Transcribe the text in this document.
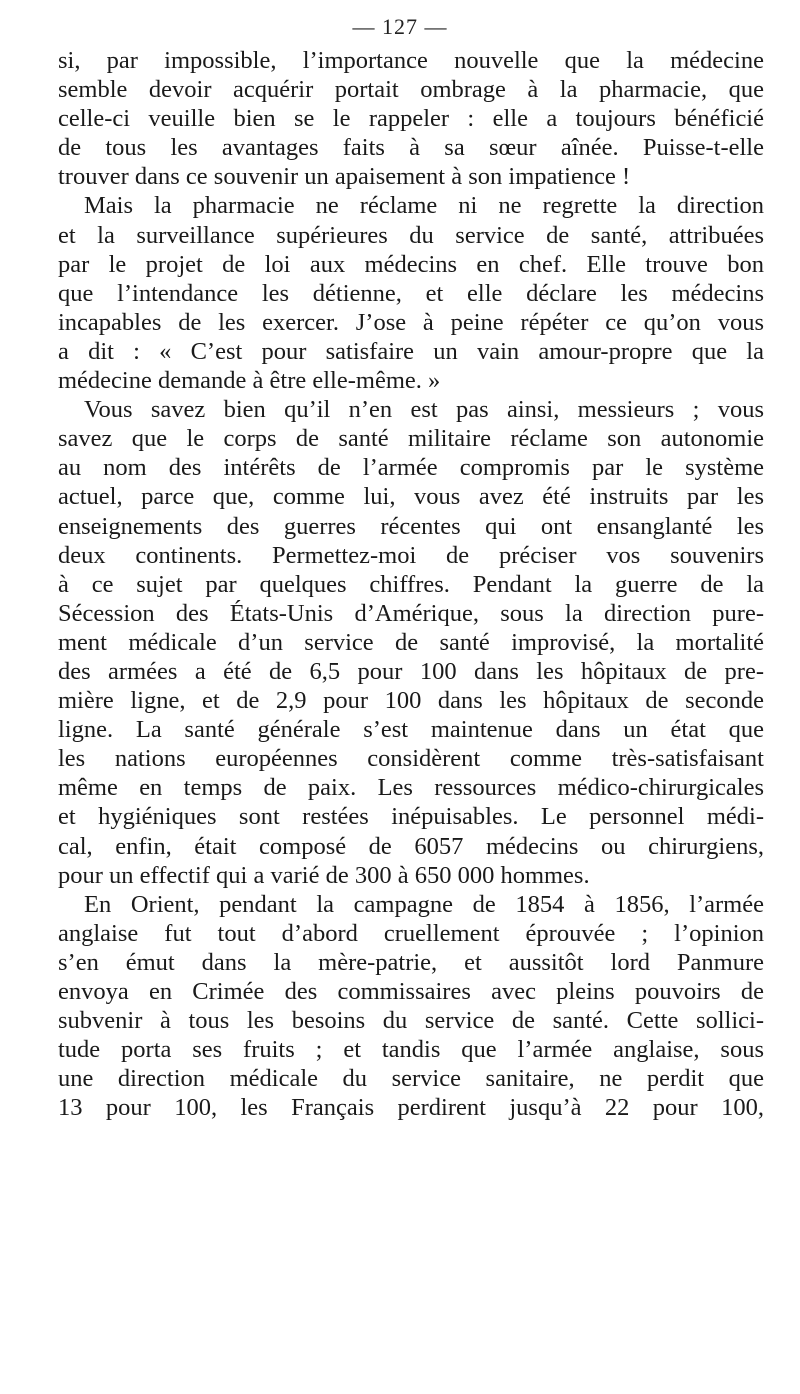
— 127 —
si, par impossible, l’importance nouvelle que la médecine
semble devoir acquérir portait ombrage à la pharmacie, que
celle-ci veuille bien se le rappeler : elle a toujours bénéficié
de tous les avantages faits à sa sœur aînée. Puisse-t-elle
trouver dans ce souvenir un apaisement à son impatience !
Mais la pharmacie ne réclame ni ne regrette la direction
et la surveillance supérieures du service de santé, attribuées
par le projet de loi aux médecins en chef. Elle trouve bon
que l’intendance les détienne, et elle déclare les médecins
incapables de les exercer. J’ose à peine répéter ce qu’on vous
a dit : « C’est pour satisfaire un vain amour-propre que la
médecine demande à être elle-même. »
Vous savez bien qu’il n’en est pas ainsi, messieurs ; vous
savez que le corps de santé militaire réclame son autonomie
au nom des intérêts de l’armée compromis par le système
actuel, parce que, comme lui, vous avez été instruits par les
enseignements des guerres récentes qui ont ensanglanté les
deux continents. Permettez-moi de préciser vos souvenirs
à ce sujet par quelques chiffres. Pendant la guerre de la
Sécession des États-Unis d’Amérique, sous la direction pure-
ment médicale d’un service de santé improvisé, la mortalité
des armées a été de 6,5 pour 100 dans les hôpitaux de pre-
mière ligne, et de 2,9 pour 100 dans les hôpitaux de seconde
ligne. La santé générale s’est maintenue dans un état que
les nations européennes considèrent comme très-satisfaisant
même en temps de paix. Les ressources médico-chirurgicales
et hygiéniques sont restées inépuisables. Le personnel médi-
cal, enfin, était composé de 6057 médecins ou chirurgiens,
pour un effectif qui a varié de 300 à 650 000 hommes.
En Orient, pendant la campagne de 1854 à 1856, l’armée
anglaise fut tout d’abord cruellement éprouvée ; l’opinion
s’en émut dans la mère-patrie, et aussitôt lord Panmure
envoya en Crimée des commissaires avec pleins pouvoirs de
subvenir à tous les besoins du service de santé. Cette sollici-
tude porta ses fruits ; et tandis que l’armée anglaise, sous
une direction médicale du service sanitaire, ne perdit que
13 pour 100, les Français perdirent jusqu’à 22 pour 100,
